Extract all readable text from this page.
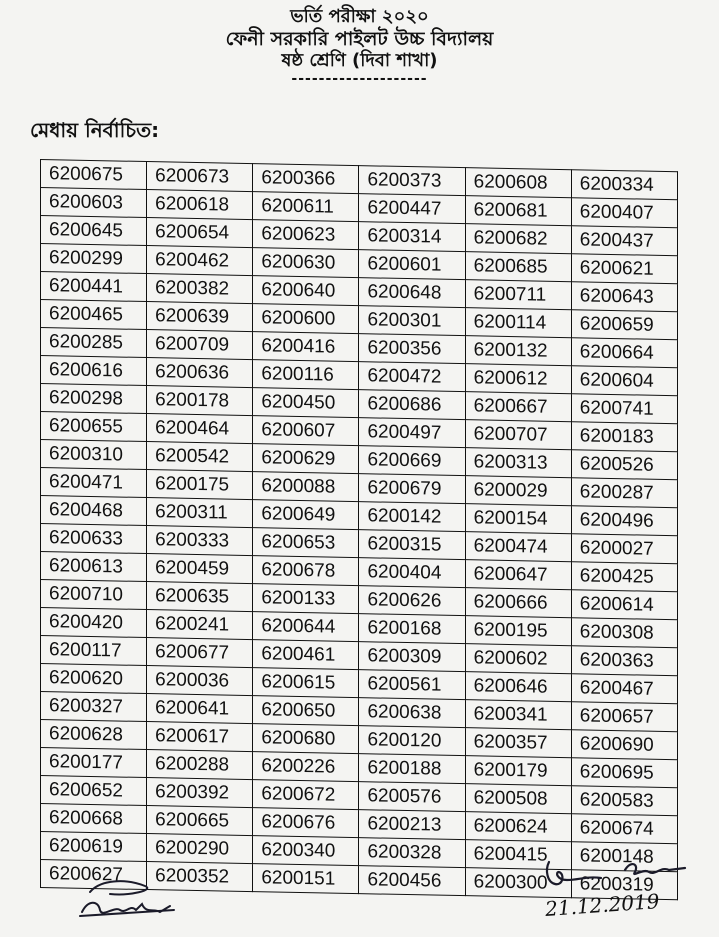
ভর্তি পরীক্ষা ২০২০
ফেনী সরকারি পাইলট উচ্চ বিদ্যালয়
ষষ্ঠ শ্রেণি (দিবা শাখা)
--------------------
মেধায় নির্বাচিত:
6200675	6200673	6200366	6200373	6200608	6200334
6200603	6200618	6200611	6200447	6200681	6200407
6200645	6200654	6200623	6200314	6200682	6200437
6200299	6200462	6200630	6200601	6200685	6200621
6200441	6200382	6200640	6200648	6200711	6200643
6200465	6200639	6200600	6200301	6200114	6200659
6200285	6200709	6200416	6200356	6200132	6200664
6200616	6200636	6200116	6200472	6200612	6200604
6200298	6200178	6200450	6200686	6200667	6200741
6200655	6200464	6200607	6200497	6200707	6200183
6200310	6200542	6200629	6200669	6200313	6200526
6200471	6200175	6200088	6200679	6200029	6200287
6200468	6200311	6200649	6200142	6200154	6200496
6200633	6200333	6200653	6200315	6200474	6200027
6200613	6200459	6200678	6200404	6200647	6200425
6200710	6200635	6200133	6200626	6200666	6200614
6200420	6200241	6200644	6200168	6200195	6200308
6200117	6200677	6200461	6200309	6200602	6200363
6200620	6200036	6200615	6200561	6200646	6200467
6200327	6200641	6200650	6200638	6200341	6200657
6200628	6200617	6200680	6200120	6200357	6200690
6200177	6200288	6200226	6200188	6200179	6200695
6200652	6200392	6200672	6200576	6200508	6200583
6200668	6200665	6200676	6200213	6200624	6200674
6200619	6200290	6200340	6200328	6200415	6200148
6200627	6200352	6200151	6200456	6200300	6200319
21.12.2019
